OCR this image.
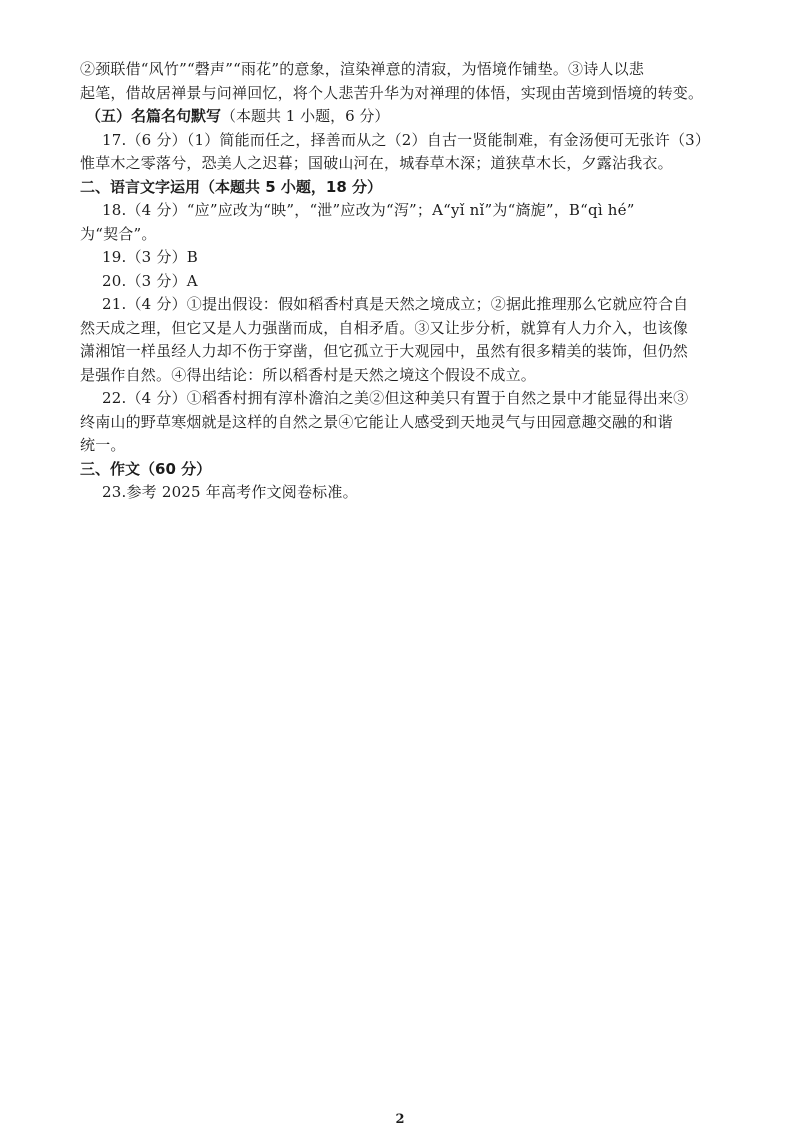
②颈联借“风竹”“磬声”“雨花”的意象，渲染禅意的清寂，为悟境作铺垫。③诗人以悲
起笔，借故居禅景与问禅回忆，将个人悲苦升华为对禅理的体悟，实现由苦境到悟境的转变。
（五）名篇名句默写（本题共 1 小题，6 分）
17.（6 分）（1）简能而任之，择善而从之（2）自古一贤能制难，有金汤便可无张许（3）
惟草木之零落兮，恐美人之迟暮；国破山河在，城春草木深；道狭草木长，夕露沾我衣。
二、语言文字运用（本题共 5 小题，18 分）
18.（4 分）“应”应改为“映”，“泄”应改为“泻”；A“yǐ nǐ”为“旖旎”，B“qì hé”
为“契合”。
19.（3 分）B
20.（3 分）A
21.（4 分）①提出假设：假如稻香村真是天然之境成立；②据此推理那么它就应符合自
然天成之理，但它又是人力强凿而成，自相矛盾。③又让步分析，就算有人力介入，也该像
潇湘馆一样虽经人力却不伤于穿凿，但它孤立于大观园中，虽然有很多精美的装饰，但仍然
是强作自然。④得出结论：所以稻香村是天然之境这个假设不成立。
22.（4 分）①稻香村拥有淳朴澹泊之美②但这种美只有置于自然之景中才能显得出来③
终南山的野草寒烟就是这样的自然之景④它能让人感受到天地灵气与田园意趣交融的和谐
统一。
三、作文（60 分）
23.参考 2025 年高考作文阅卷标准。
2
